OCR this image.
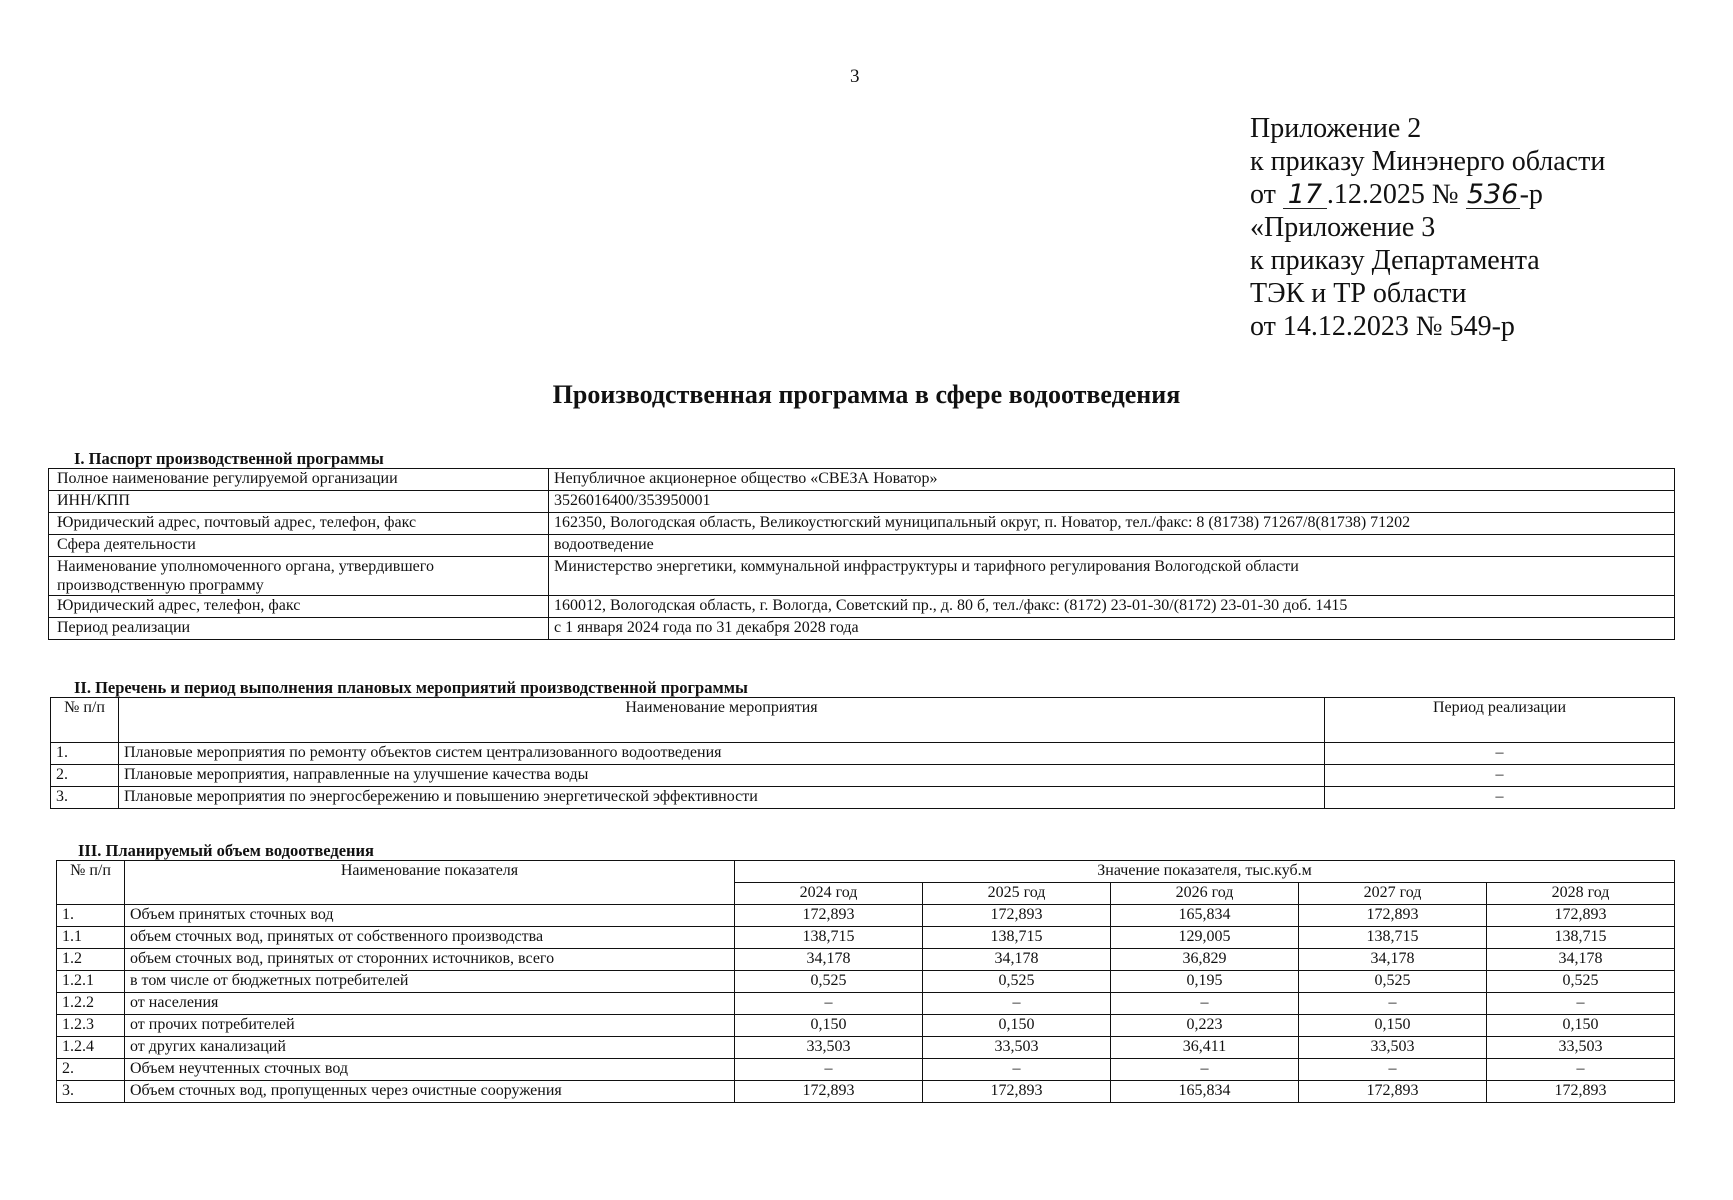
3
Приложение 2
к приказу Минэнерго области
от 17 .12.2025 № 536-р
«Приложение 3
к приказу Департамента
ТЭК и ТР области
от 14.12.2023 № 549-р
Производственная программа в сфере водоотведения
I. Паспорт производственной программы
Полное наименование регулируемой организации	Непубличное акционерное общество «СВЕЗА Новатор»
ИНН/КПП	3526016400/353950001
Юридический адрес, почтовый адрес, телефон, факс	162350, Вологодская область, Великоустюгский муниципальный округ, п. Новатор, тел./факс: 8 (81738) 71267/8(81738) 71202
Сфера деятельности	водоотведение
Наименование уполномоченного органа, утвердившего производственную программу	Министерство энергетики, коммунальной инфраструктуры и тарифного регулирования Вологодской области
Юридический адрес, телефон, факс	160012, Вологодская область, г. Вологда, Советский пр., д. 80 б, тел./факс: (8172) 23-01-30/(8172) 23-01-30 доб. 1415
Период реализации	с 1 января 2024 года по 31 декабря 2028 года
II. Перечень и период выполнения плановых мероприятий производственной программы
№ п/п	Наименование мероприятия	Период реализации
1.	Плановые мероприятия по ремонту объектов систем централизованного водоотведения	–
2.	Плановые мероприятия, направленные на улучшение качества воды	–
3.	Плановые мероприятия по энергосбережению и повышению энергетической эффективности	–
III. Планируемый объем водоотведения
№ п/п	Наименование показателя	Значение показателя, тыс.куб.м				
		2024 год	2025 год	2026 год	2027 год	2028 год
1.	Объем принятых сточных вод	172,893	172,893	165,834	172,893	172,893
1.1	объем сточных вод, принятых от собственного производства	138,715	138,715	129,005	138,715	138,715
1.2	объем сточных вод, принятых от сторонних источников, всего	34,178	34,178	36,829	34,178	34,178
1.2.1	в том числе от бюджетных потребителей	0,525	0,525	0,195	0,525	0,525
1.2.2	от населения	–	–	–	–	–
1.2.3	от прочих потребителей	0,150	0,150	0,223	0,150	0,150
1.2.4	от других канализаций	33,503	33,503	36,411	33,503	33,503
2.	Объем неучтенных сточных вод	–	–	–	–	–
3.	Объем сточных вод, пропущенных через очистные сооружения	172,893	172,893	165,834	172,893	172,893
